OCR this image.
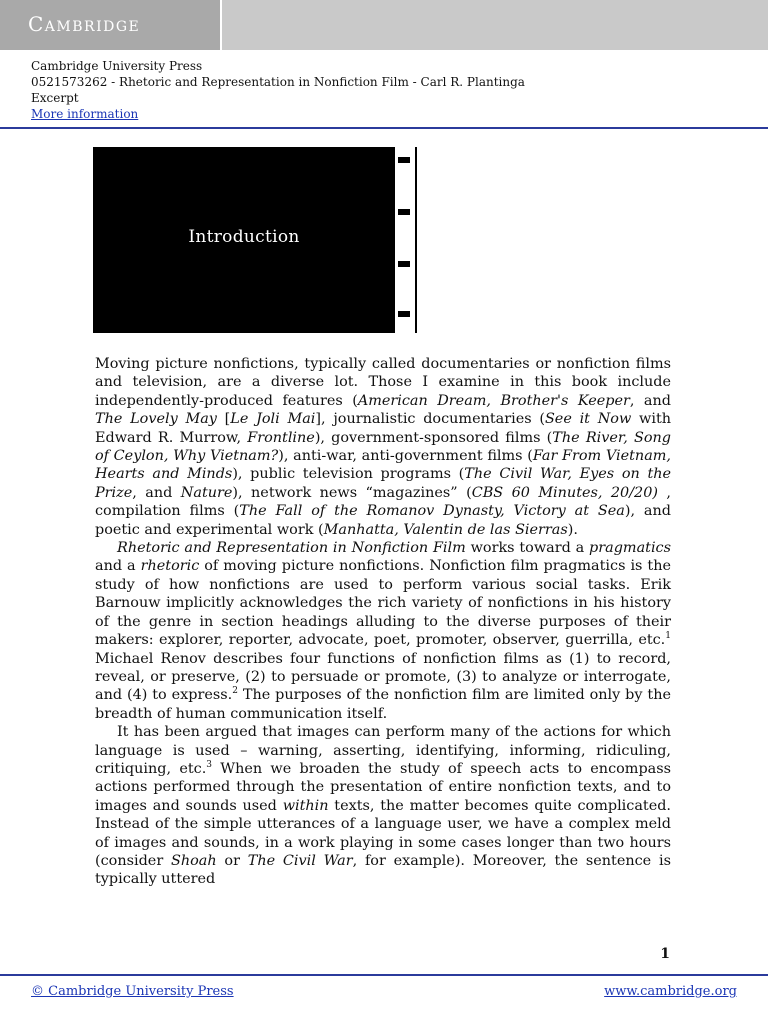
Cambridge
Cambridge University Press
0521573262 - Rhetoric and Representation in Nonfiction Film - Carl R. Plantinga
Excerpt
More information
Introduction

Moving picture nonfictions, typically called documentaries or nonfiction films and television, are a diverse lot. Those I examine in this book include independently-produced features (American Dream, Brother's Keeper, and The Lovely May [Le Joli Mai], journalistic documentaries (See it Now with Edward R. Murrow, Frontline), government-sponsored films (The River, Song of Ceylon, Why Vietnam?), anti-war, anti-government films (Far From Vietnam, Hearts and Minds), public television programs (The Civil War, Eyes on the Prize, and Nature), network news “magazines” (CBS 60 Minutes, 20/20) , compilation films (The Fall of the Romanov Dynasty, Victory at Sea), and poetic and experimental work (Manhatta, Valentin de las Sierras).

Rhetoric and Representation in Nonfiction Film works toward a pragmatics and a rhetoric of moving picture nonfictions. Nonfiction film pragmatics is the study of how nonfictions are used to perform various social tasks. Erik Barnouw implicitly acknowledges the rich variety of nonfictions in his history of the genre in section headings alluding to the diverse purposes of their makers: explorer, reporter, advocate, poet, promoter, observer, guerrilla, etc.$^1$ Michael Renov describes four functions of nonfiction films as (1) to record, reveal, or preserve, (2) to persuade or promote, (3) to analyze or interrogate, and (4) to express.$^2$ The purposes of the nonfiction film are limited only by the breadth of human communication itself.

It has been argued that images can perform many of the actions for which language is used – warning, asserting, identifying, informing, ridiculing, critiquing, etc.$^3$ When we broaden the study of speech acts to encompass actions performed through the presentation of entire nonfiction texts, and to images and sounds used within texts, the matter becomes quite complicated. Instead of the simple utterances of a language user, we have a complex meld of images and sounds, in a work playing in some cases longer than two hours (consider Shoah or The Civil War, for example). Moreover, the sentence is typically uttered

1
© Cambridge University Press	www.cambridge.org
